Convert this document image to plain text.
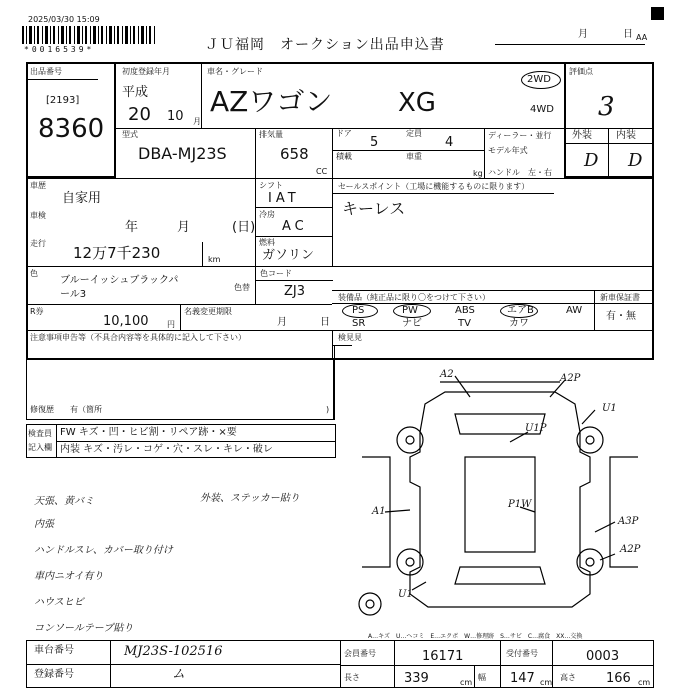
2025/03/30 15:09
*0016539*	ＪＵ福岡　オークション出品申込書
月	日 AA
出品番号
[2193]
8360
初度登録年月
平成
20 10 月
車名・グレード
AZワゴン	XG
2WD
4WD
評価点
3
外装 内装
D D
型式
DBA-MJ23S
排気量
658
CC
ドア
5
定員
4	ディーラー・並行
モデル年式
ハンドル　左・右
積載	車重
kg
車歴
自家用
車検
年	月	(日)
走行
12万7千230	km
シフト
IAT
冷房
AC
燃料
ガソリン
セールスポイント（工場に機能するものに限ります）
キーレス
色
ブルーイッシュブラックパ
ール3
色コード
色替	ZJ3
R券
10,100 円
名義変更期限
月	日
装備品（純正品に限り〇をつけて下さい）	新車保証書
有・無
PS	PW	ABS	エアB	AW
SR	ナビ	TV	カワ
注意事項申告等（不具合内容等を具体的に記入して下さい）	検見見
修復歴 有（箇所	)
検査員
記入欄
FW キズ・凹・ヒビ割・リペア跡・×要
内装 キズ・汚レ・コゲ・穴・スレ・キレ・破レ
天張、黄バミ	外装、ステッカー貼り
内張
ハンドルスレ、カバー取り付け
車内ニオイ有り
ハウスヒビ
コンソールテープ貼り
A2	A2P
U1
U1P
A1
P1W
A3P
A2P
U1
A…キズ　U…ヘコミ　E…エクボ　W…修理跡　S…サビ　C…腐食　XX…交換
車台番号	MJ23S-102516
登録番号	ム
会員番号	16171	受付番号	0003
長さ	339	cm
幅 147 cm
高さ 166 cm
